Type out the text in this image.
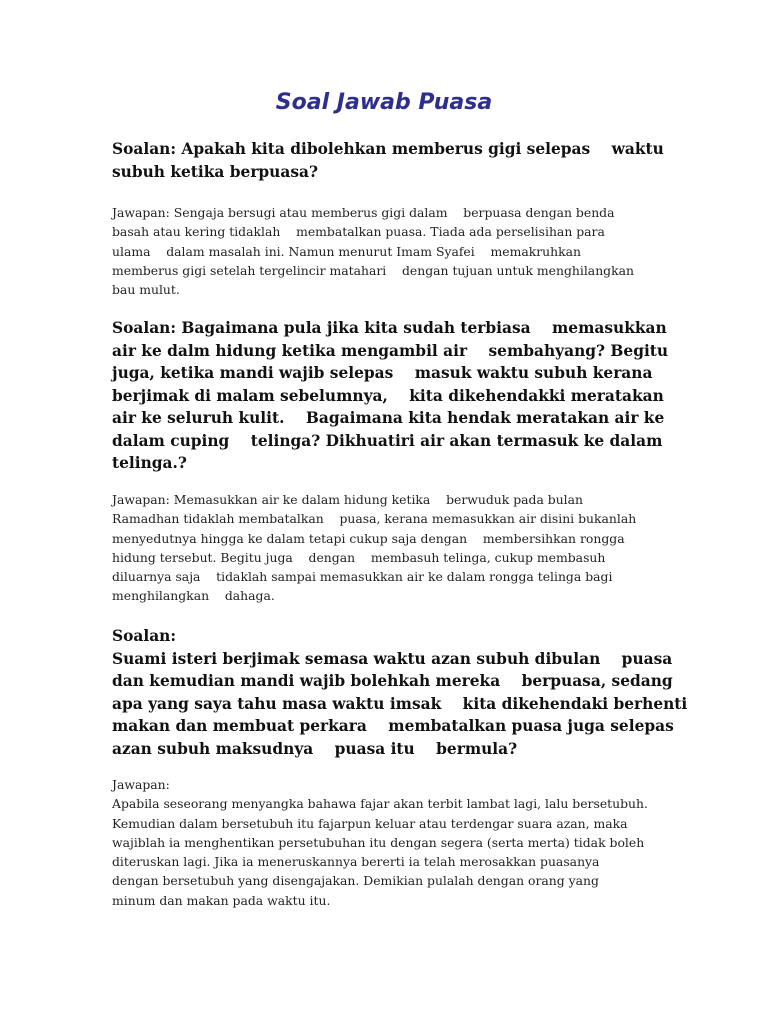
Soal Jawab Puasa
Soalan: Apakah kita dibolehkan memberus gigi selepas    waktu
subuh ketika berpuasa?
Jawapan: Sengaja bersugi atau memberus gigi dalam    berpuasa dengan benda
basah atau kering tidaklah    membatalkan puasa. Tiada ada perselisihan para
ulama    dalam masalah ini. Namun menurut Imam Syafei    memakruhkan
memberus gigi setelah tergelincir matahari    dengan tujuan untuk menghilangkan
bau mulut.
Soalan: Bagaimana pula jika kita sudah terbiasa    memasukkan
air ke dalm hidung ketika mengambil air    sembahyang? Begitu
juga, ketika mandi wajib selepas    masuk waktu subuh kerana
berjimak di malam sebelumnya,    kita dikehendakki meratakan
air ke seluruh kulit.    Bagaimana kita hendak meratakan air ke
dalam cuping    telinga? Dikhuatiri air akan termasuk ke dalam
telinga.?
Jawapan: Memasukkan air ke dalam hidung ketika    berwuduk pada bulan
Ramadhan tidaklah membatalkan    puasa, kerana memasukkan air disini bukanlah
menyedutnya hingga ke dalam tetapi cukup saja dengan    membersihkan rongga
hidung tersebut. Begitu juga    dengan    membasuh telinga, cukup membasuh
diluarnya saja    tidaklah sampai memasukkan air ke dalam rongga telinga bagi
menghilangkan    dahaga.
Soalan:
Suami isteri berjimak semasa waktu azan subuh dibulan    puasa
dan kemudian mandi wajib bolehkah mereka    berpuasa, sedang
apa yang saya tahu masa waktu imsak    kita dikehendaki berhenti
makan dan membuat perkara    membatalkan puasa juga selepas
azan subuh maksudnya    puasa itu    bermula?
Jawapan:
Apabila seseorang menyangka bahawa fajar akan terbit lambat lagi, lalu bersetubuh.
Kemudian dalam bersetubuh itu fajarpun keluar atau terdengar suara azan, maka
wajiblah ia menghentikan persetubuhan itu dengan segera (serta merta) tidak boleh
diteruskan lagi. Jika ia meneruskannya bererti ia telah merosakkan puasanya
dengan bersetubuh yang disengajakan. Demikian pulalah dengan orang yang
minum dan makan pada waktu itu.
